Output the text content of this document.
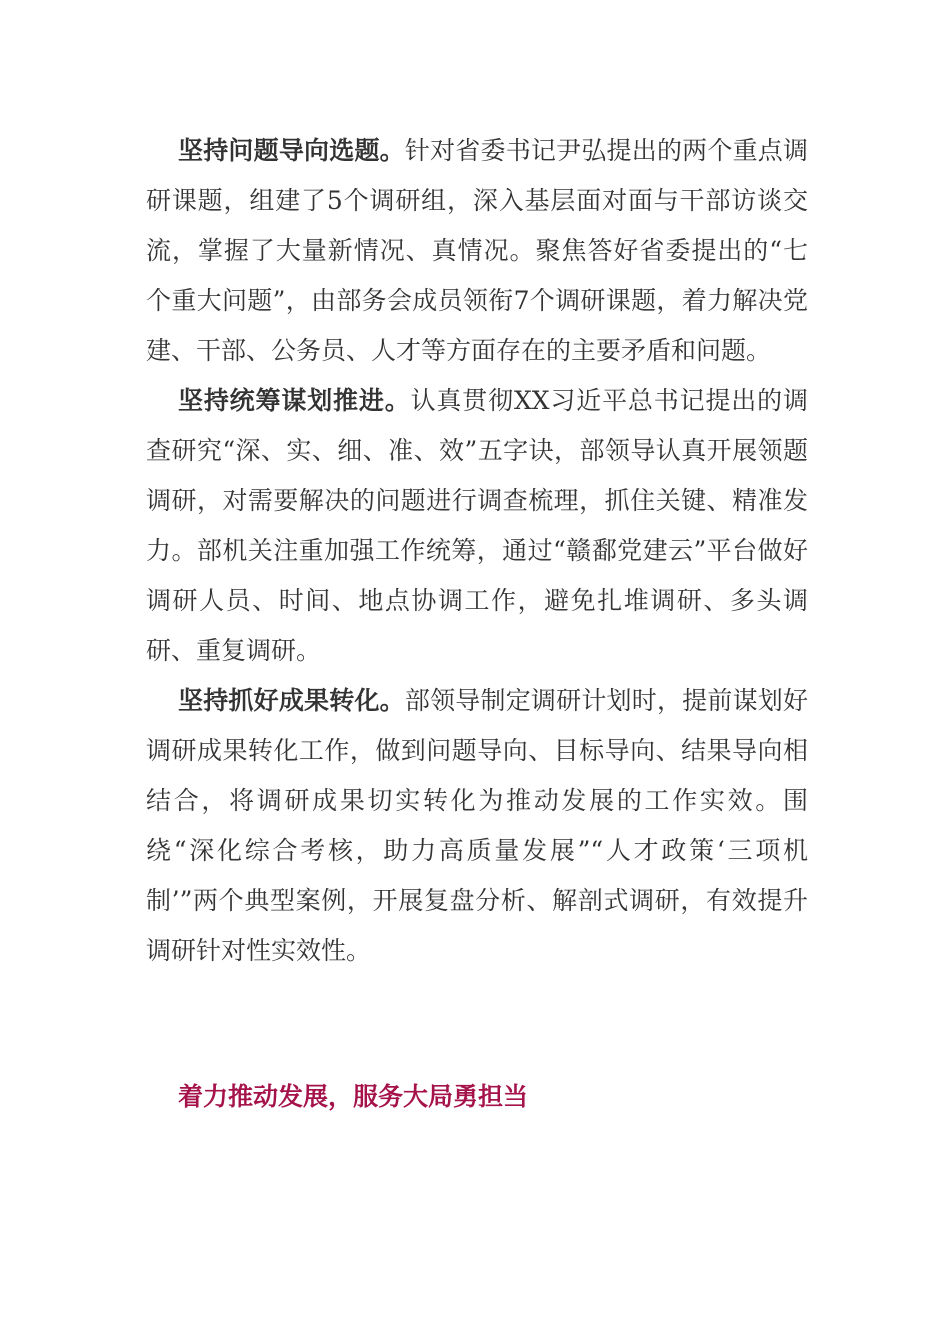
坚持问题导向选题。针对省委书记尹弘提出的两个重点调研课题，组建了5个调研组，深入基层面对面与干部访谈交流，掌握了大量新情况、真情况。聚焦答好省委提出的“七个重大问题”，由部务会成员领衔7个调研课题，着力解决党建、干部、公务员、人才等方面存在的主要矛盾和问题。

坚持统筹谋划推进。认真贯彻XX习近平总书记提出的调查研究“深、实、细、准、效”五字诀，部领导认真开展领题调研，对需要解决的问题进行调查梳理，抓住关键、精准发力。部机关注重加强工作统筹，通过“赣鄱党建云”平台做好调研人员、时间、地点协调工作，避免扎堆调研、多头调研、重复调研。

坚持抓好成果转化。部领导制定调研计划时，提前谋划好调研成果转化工作，做到问题导向、目标导向、结果导向相结合，将调研成果切实转化为推动发展的工作实效。围绕“深化综合考核，助力高质量发展”“人才政策‘三项机制’”两个典型案例，开展复盘分析、解剖式调研，有效提升调研针对性实效性。

着力推动发展，服务大局勇担当
